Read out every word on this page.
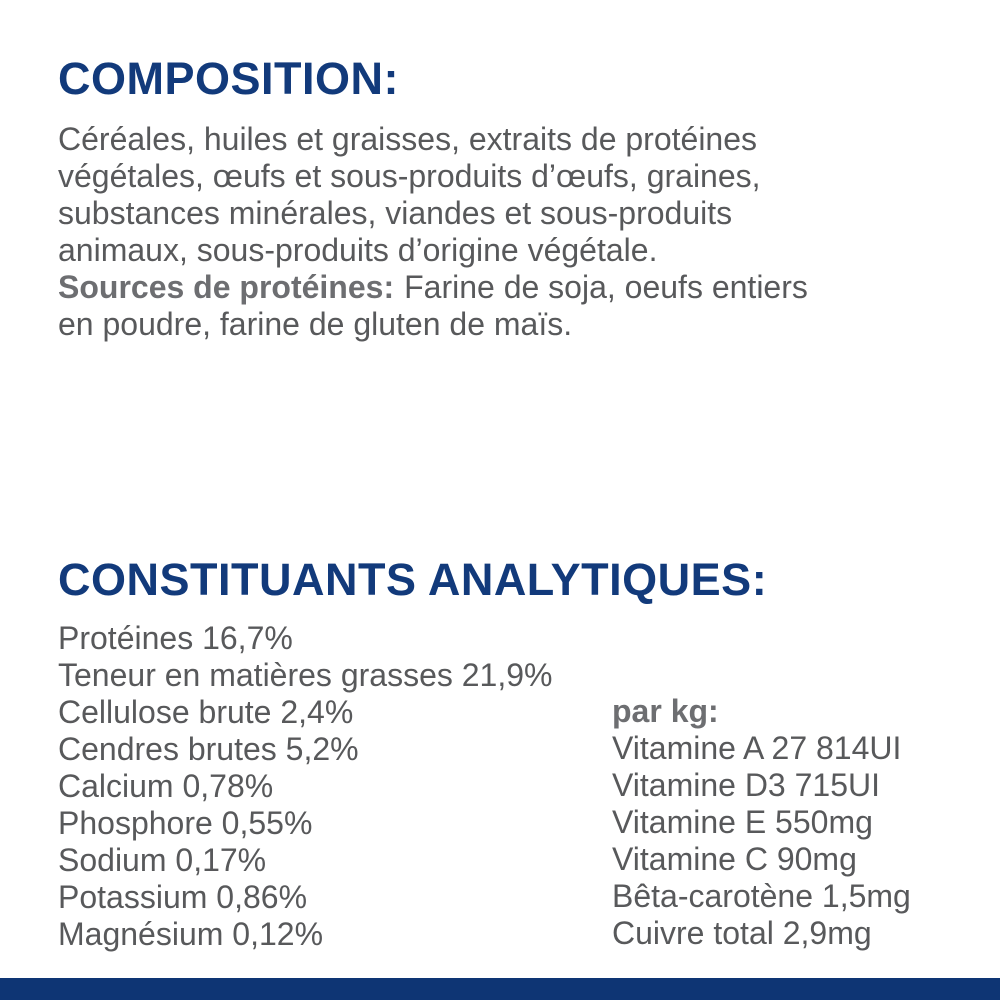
COMPOSITION:
Céréales, huiles et graisses, extraits de protéines
végétales, œufs et sous-produits d’œufs, graines,
substances minérales, viandes et sous-produits
animaux, sous-produits d’origine végétale.
Sources de protéines: Farine de soja, oeufs entiers
en poudre, farine de gluten de maïs.
CONSTITUANTS ANALYTIQUES:
Protéines 16,7%
Teneur en matières grasses 21,9%
Cellulose brute 2,4%
Cendres brutes 5,2%
Calcium 0,78%
Phosphore 0,55%
Sodium 0,17%
Potassium 0,86%
Magnésium 0,12%
par kg:
Vitamine A 27 814UI
Vitamine D3 715UI
Vitamine E 550mg
Vitamine C 90mg
Bêta-carotène 1,5mg
Cuivre total 2,9mg
